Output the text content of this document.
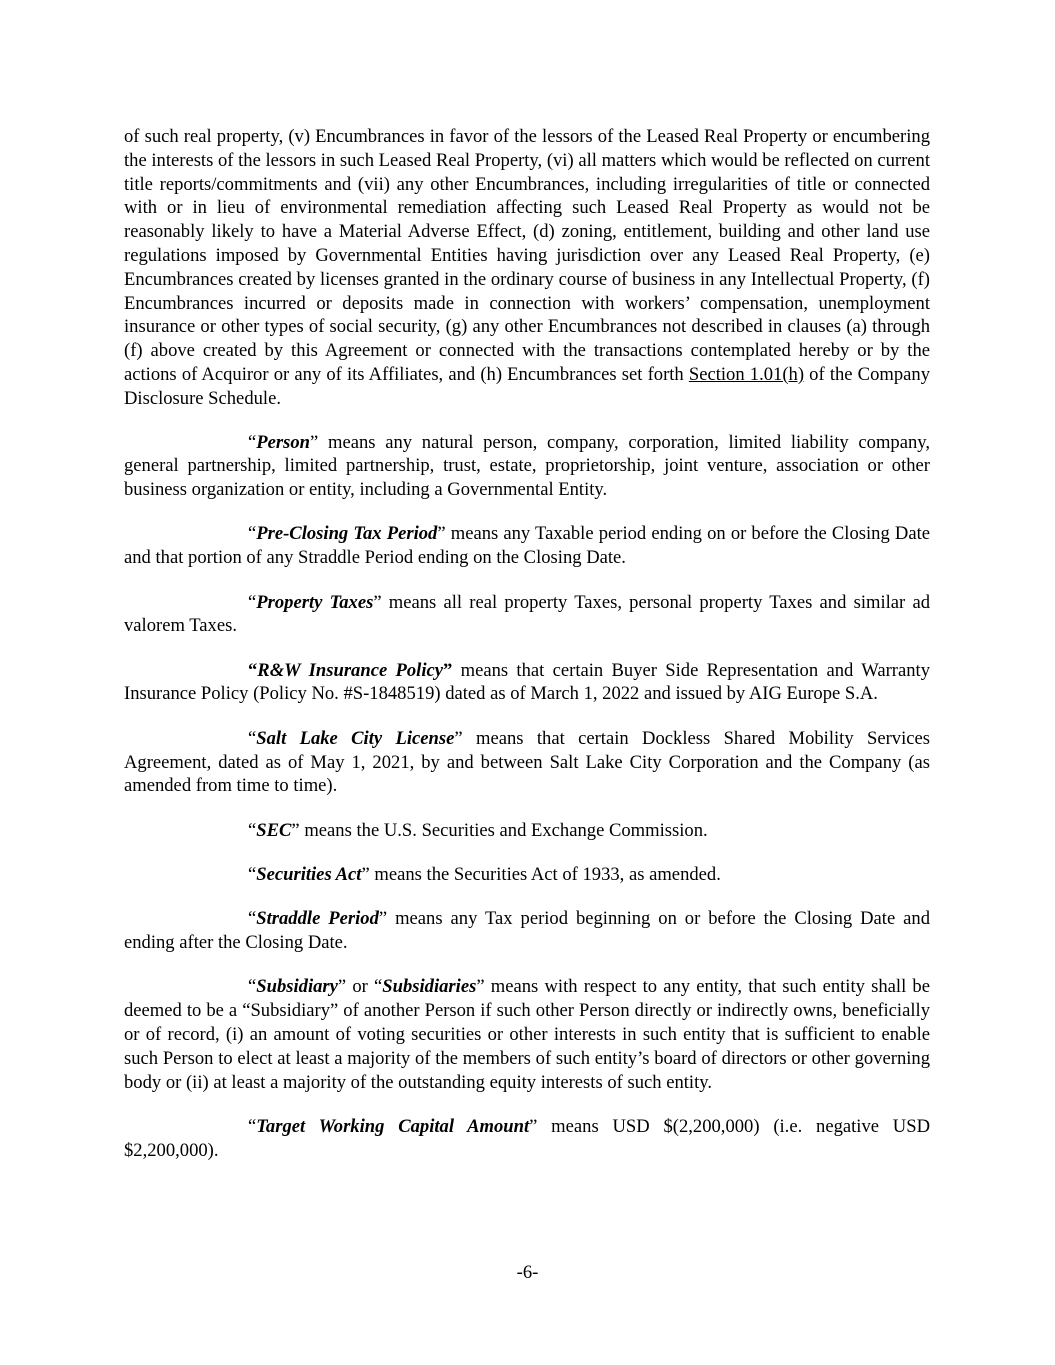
of such real property, (v) Encumbrances in favor of the lessors of the Leased Real Property or encumbering the interests of the lessors in such Leased Real Property, (vi) all matters which would be reflected on current title reports/commitments and (vii) any other Encumbrances, including irregularities of title or connected with or in lieu of environmental remediation affecting such Leased Real Property as would not be reasonably likely to have a Material Adverse Effect, (d) zoning, entitlement, building and other land use regulations imposed by Governmental Entities having jurisdiction over any Leased Real Property, (e) Encumbrances created by licenses granted in the ordinary course of business in any Intellectual Property, (f) Encumbrances incurred or deposits made in connection with workers’ compensation, unemployment insurance or other types of social security, (g) any other Encumbrances not described in clauses (a) through (f) above created by this Agreement or connected with the transactions contemplated hereby or by the actions of Acquiror or any of its Affiliates, and (h) Encumbrances set forth Section 1.01(h) of the Company Disclosure Schedule.

“Person” means any natural person, company, corporation, limited liability company, general partnership, limited partnership, trust, estate, proprietorship, joint venture, association or other business organization or entity, including a Governmental Entity.

“Pre-Closing Tax Period” means any Taxable period ending on or before the Closing Date and that portion of any Straddle Period ending on the Closing Date.

“Property Taxes” means all real property Taxes, personal property Taxes and similar ad valorem Taxes.

“R&W Insurance Policy” means that certain Buyer Side Representation and Warranty Insurance Policy (Policy No. #S-1848519) dated as of March 1, 2022 and issued by AIG Europe S.A.

“Salt Lake City License” means that certain Dockless Shared Mobility Services Agreement, dated as of May 1, 2021, by and between Salt Lake City Corporation and the Company (as amended from time to time).

“SEC” means the U.S. Securities and Exchange Commission.

“Securities Act” means the Securities Act of 1933, as amended.

“Straddle Period” means any Tax period beginning on or before the Closing Date and ending after the Closing Date.

“Subsidiary” or “Subsidiaries” means with respect to any entity, that such entity shall be deemed to be a “Subsidiary” of another Person if such other Person directly or indirectly owns, beneficially or of record, (i) an amount of voting securities or other interests in such entity that is sufficient to enable such Person to elect at least a majority of the members of such entity’s board of directors or other governing body or (ii) at least a majority of the outstanding equity interests of such entity.

“Target Working Capital Amount” means USD $(2,200,000) (i.e. negative USD $2,200,000).

-6-
